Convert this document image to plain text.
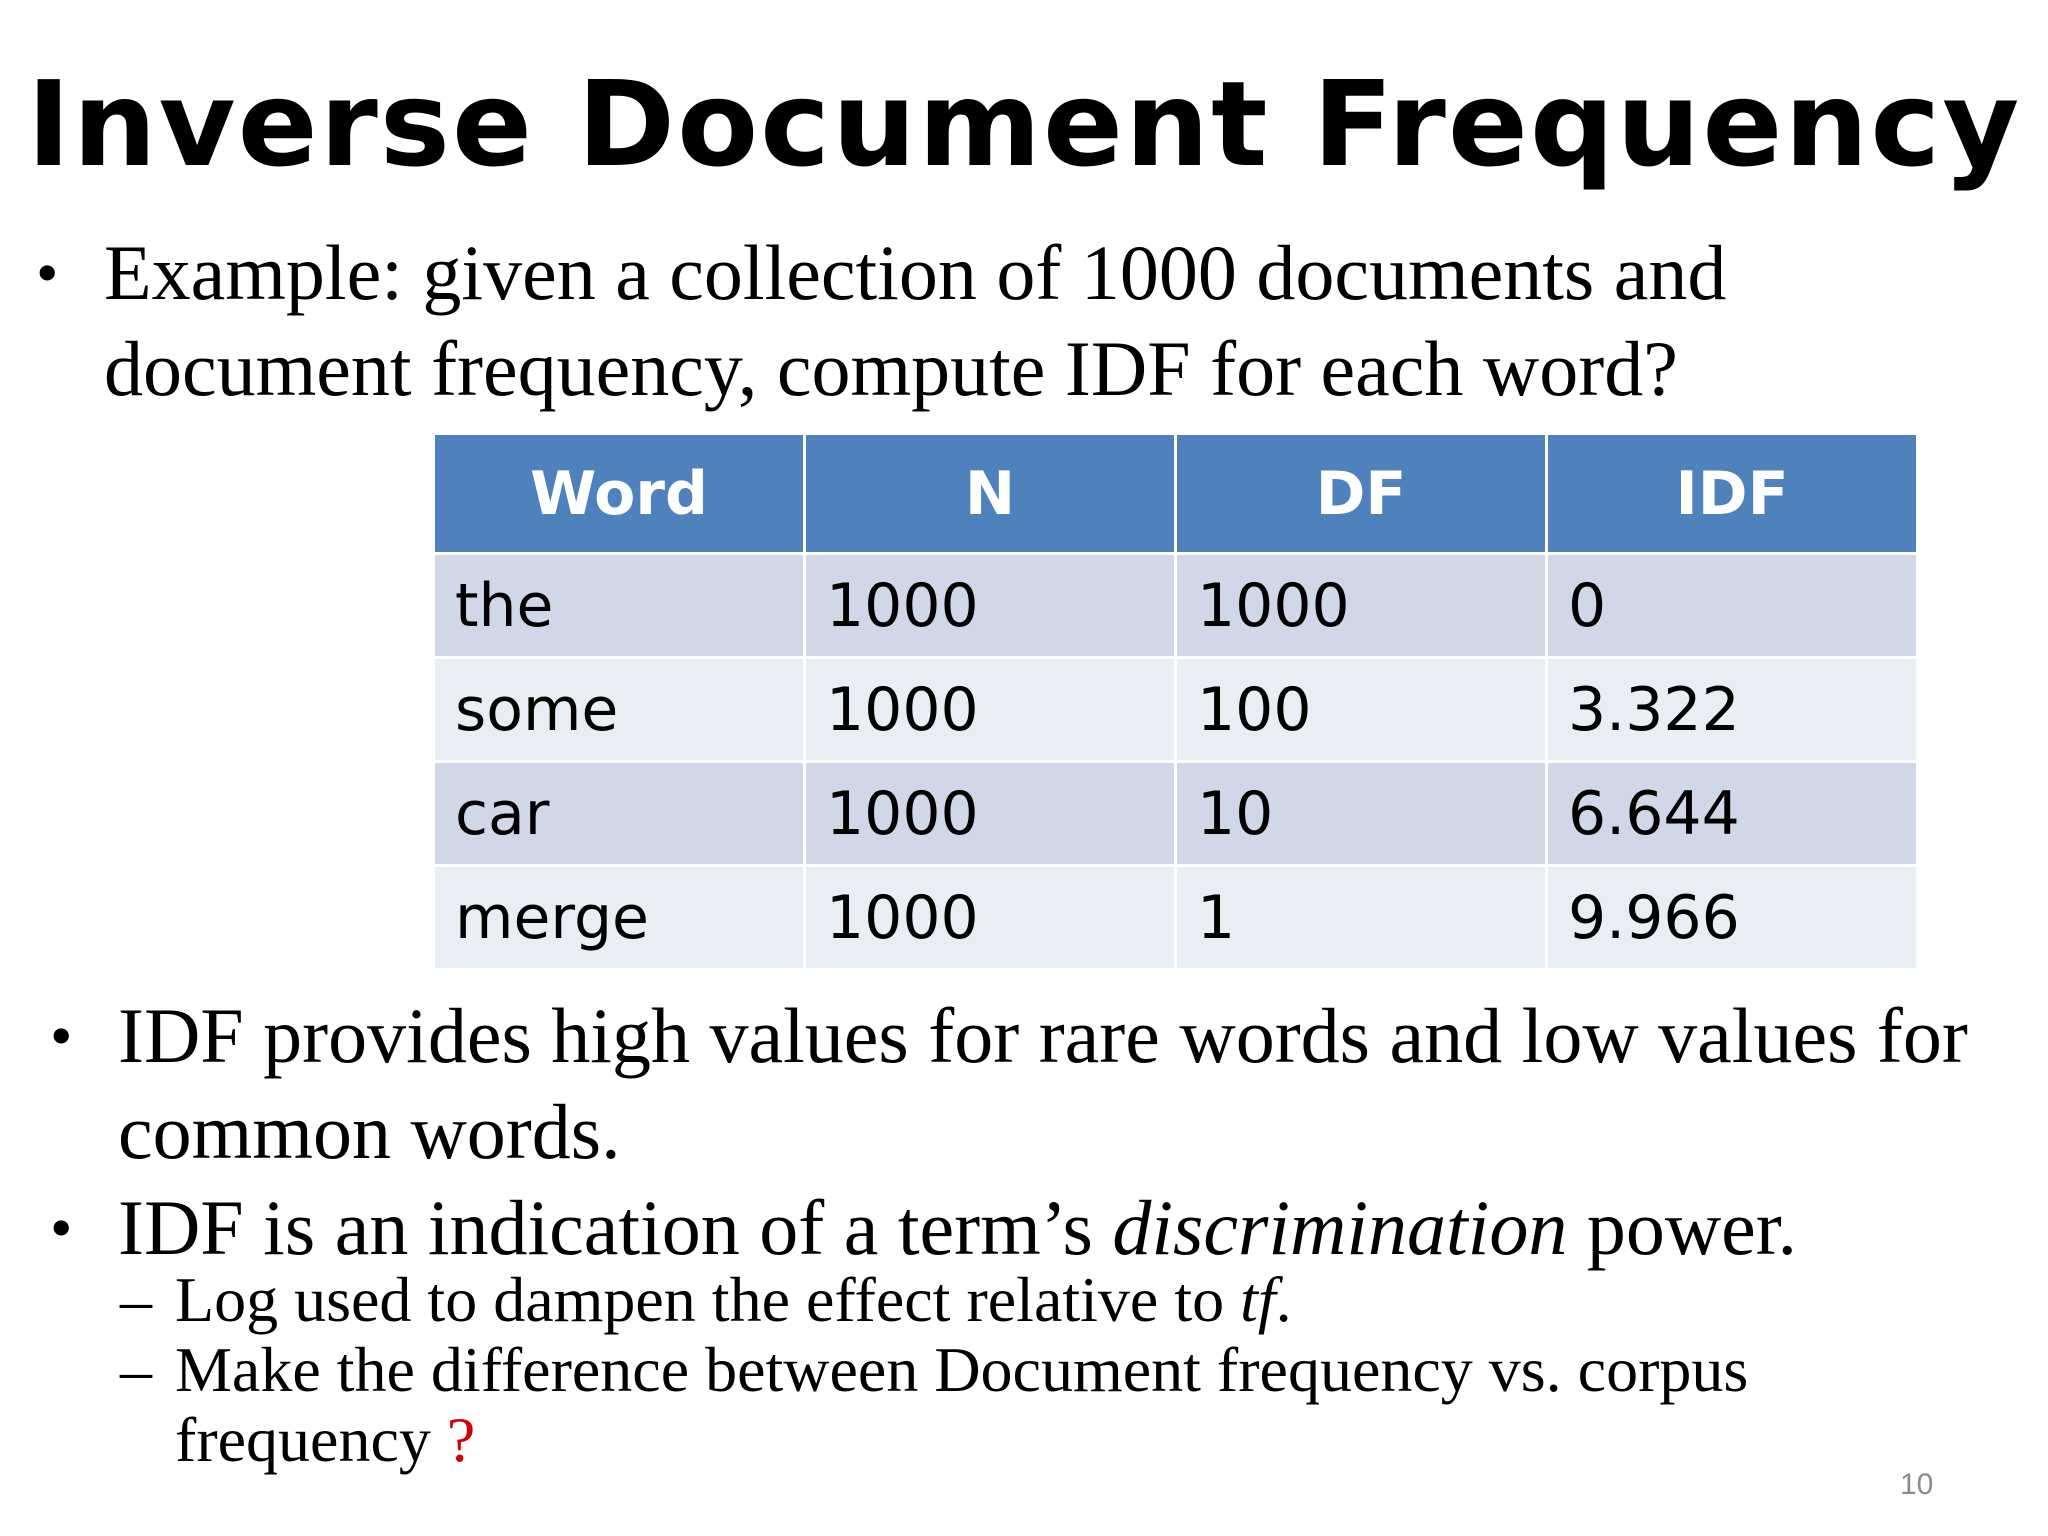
Inverse Document Frequency
• Example: given a collection of 1000 documents and document frequency, compute IDF for each word?
Word	N	DF	IDF
the	1000	1000	0
some	1000	100	3.322
car	1000	10	6.644
merge	1000	1	9.966
• IDF provides high values for rare words and low values for common words.
• IDF is an indication of a term’s discrimination power.
– Log used to dampen the effect relative to tf.
– Make the difference between Document frequency vs. corpus frequency ?
10
